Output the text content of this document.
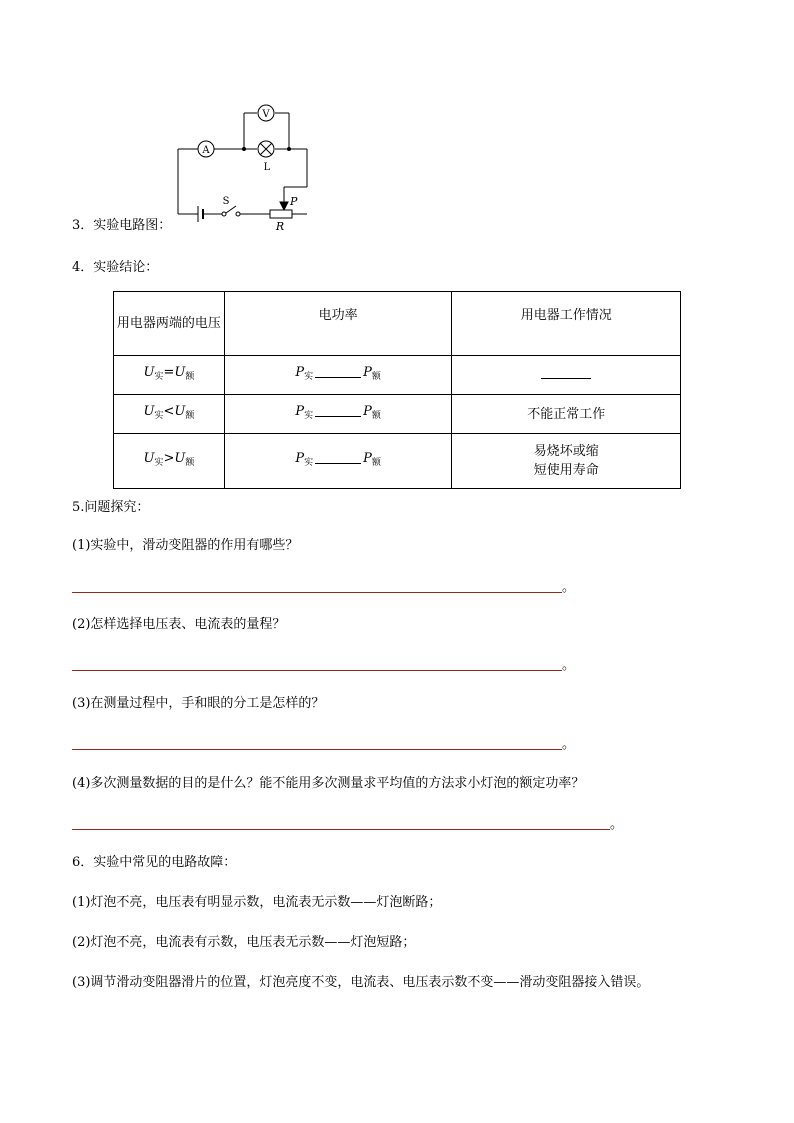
A
V
L
S	P
R
3．实验电路图：
4．实验结论：
用电器两端的电压	电功率	用电器工作情况
$U_实=U_额$	$P_实$ $P_额$	
$U_实<U_额$	$P_实$ $P_额$	不能正常工作
$U_实>U_额$	$P_实$ $P_额$	易烧坏或缩
短使用寿命
5.问题探究：
(1)实验中，滑动变阻器的作用有哪些？
。
(2)怎样选择电压表、电流表的量程？
。
(3)在测量过程中，手和眼的分工是怎样的？
。
(4)多次测量数据的目的是什么？能不能用多次测量求平均值的方法求小灯泡的额定功率？
。
6．实验中常见的电路故障：
(1)灯泡不亮，电压表有明显示数，电流表无示数——灯泡断路；
(2)灯泡不亮，电流表有示数，电压表无示数——灯泡短路；
(3)调节滑动变阻器滑片的位置，灯泡亮度不变，电流表、电压表示数不变——滑动变阻器接入错误。
